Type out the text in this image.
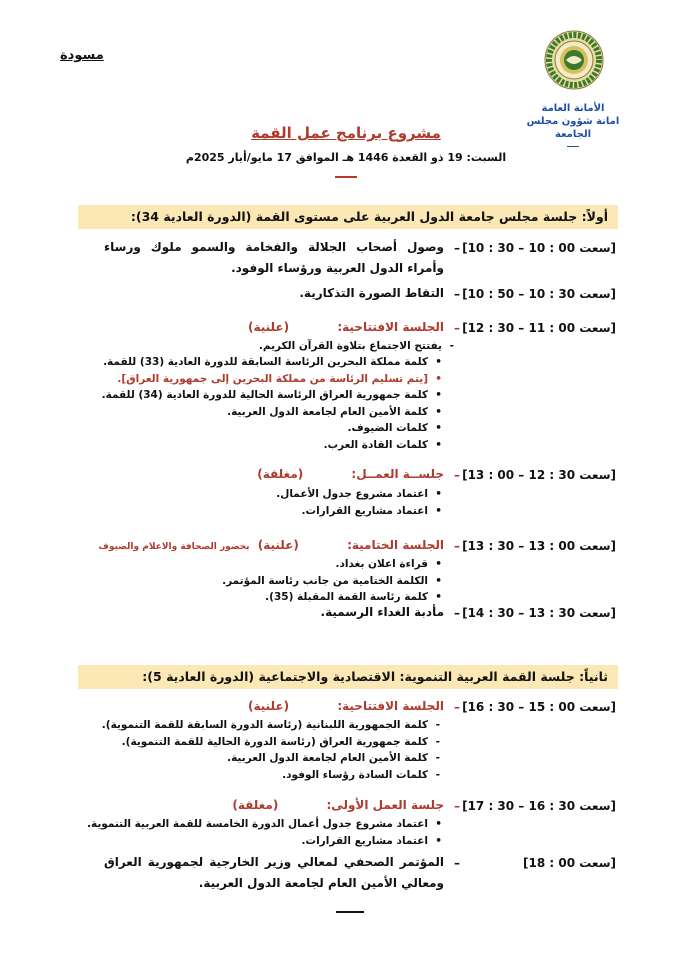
مسودة
الأمانة العامة
امانة شؤون مجلس الجامعة
مشروع برنامج عمل القمة
السبت: 19 ذو القعدة 1446 هـ الموافق 17 مايو/أيار 2025م
أولاً: جلسة مجلس جامعة الدول العربية على مستوى القمة (الدورة العادية 34):
[سعت 00 : 10 – 30 : 10]
–
وصول أصحاب الجلالة والفخامة والسمو ملوك ورساء وأمراء الدول العربية ورؤساء الوفود.
[سعت 30 : 10 – 50 : 10]
–
التقاط الصورة التذكارية.
[سعت 00 : 11 – 30 : 12]
–
الجلسة الافتتاحية: (علنية)
- يفتتح الاجتماع بتلاوة القرآن الكريم.
• كلمة مملكة البحرين الرئاسة السابقة للدورة العادية (33) للقمة.
• [يتم تسليم الرئاسة من مملكة البحرين إلى جمهورية العراق].
• كلمة جمهورية العراق الرئاسة الحالية للدورة العادية (34) للقمة.
• كلمة الأمين العام لجامعة الدول العربية.
• كلمات الضيوف.
• كلمات القادة العرب.
[سعت 30 : 12 – 00 : 13]
–
جلســة العمــل: (مغلقة)
• اعتماد مشروع جدول الأعمال.
• اعتماد مشاريع القرارات.
[سعت 00 : 13 – 30 : 13]
–
الجلسة الختامية: (علنية) بحضور الصحافة والاعلام والضيوف
• قراءة اعلان بغداد.
• الكلمة الختامية من جانب رئاسة المؤتمر.
• كلمة رئاسة القمة المقبلة (35).
[سعت 30 : 13 – 30 : 14]
–
مأدبة الغداء الرسمية.
ثانياً: جلسة القمة العربية التنموية: الاقتصادية والاجتماعية (الدورة العادية 5):
[سعت 00 : 15 – 30 : 16]
–
الجلسة الافتتاحية: (علنية)
- كلمة الجمهورية اللبنانية (رئاسة الدورة السابقة للقمة التنموية).
- كلمة جمهورية العراق (رئاسة الدورة الحالية للقمة التنموية).
- كلمة الأمين العام لجامعة الدول العربية.
- كلمات السادة رؤساء الوفود.
[سعت 30 : 16 – 30 : 17]
–
جلسة العمل الأولى: (مغلقة)
• اعتماد مشروع جدول أعمال الدورة الخامسة للقمة العربية التنموية.
• اعتماد مشاريع القرارات.
[سعت 00 : 18]
–
المؤتمر الصحفي لمعالي وزير الخارجية لجمهورية العراق ومعالي الأمين العام لجامعة الدول العربية.
